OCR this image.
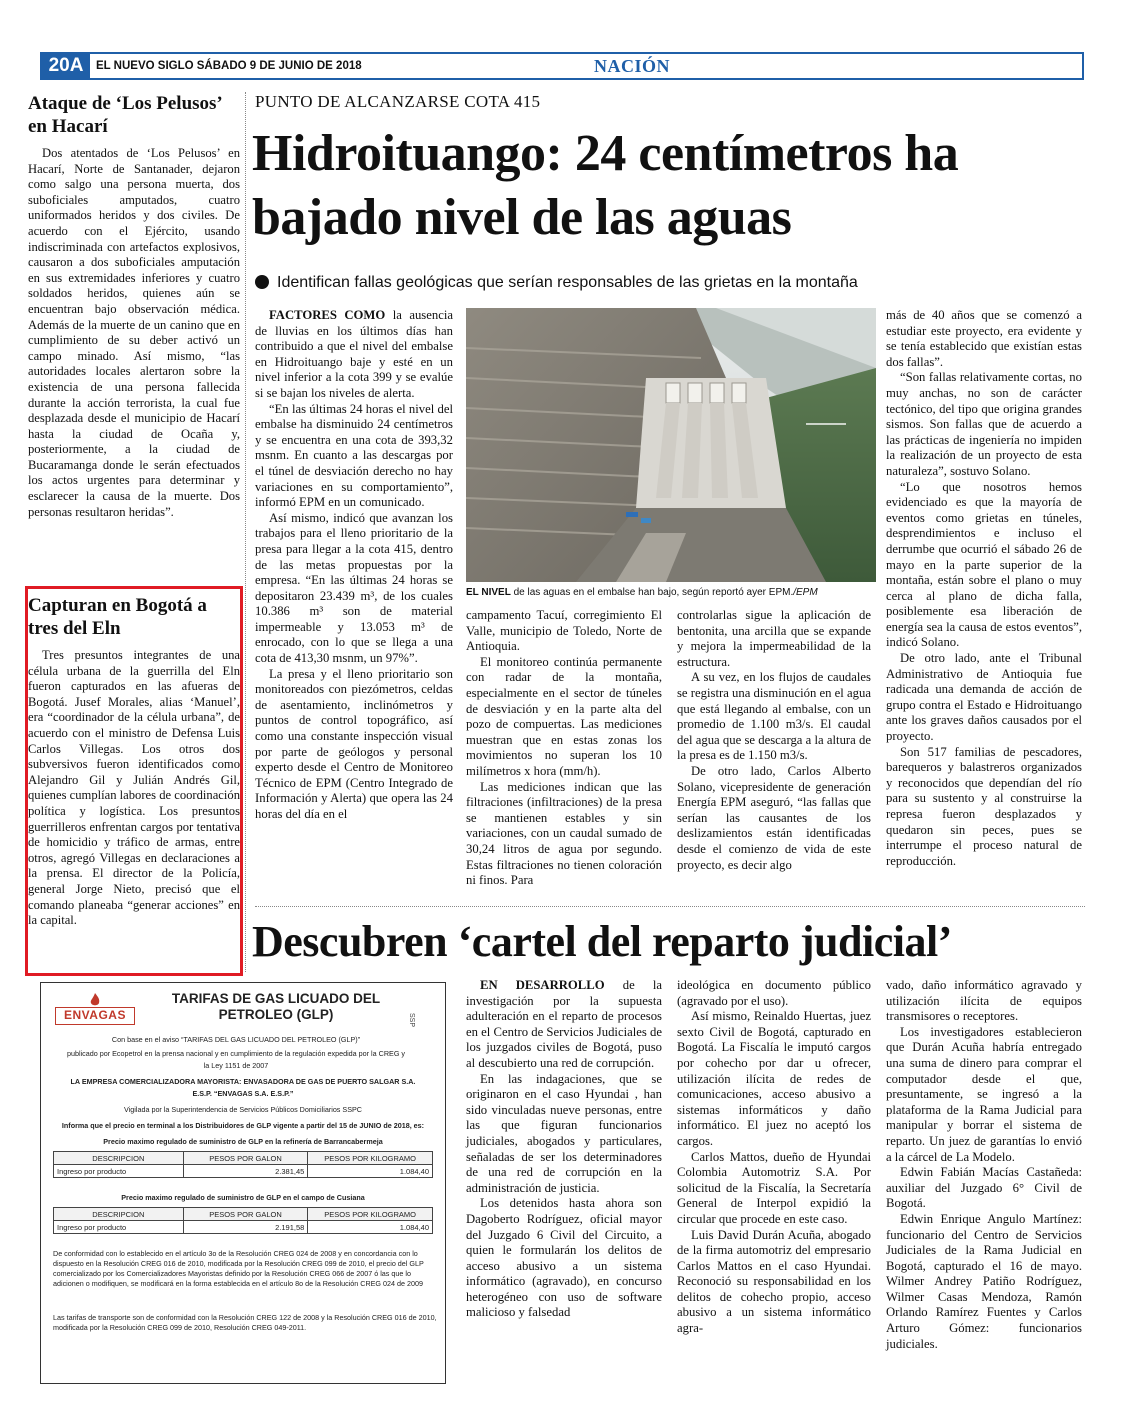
20A	EL NUEVO SIGLO SÁBADO 9 DE JUNIO DE 2018	NACIÓN
Ataque de ‘Los Pelusos’ en Hacarí

Dos atentados de ‘Los Pelusos’ en Hacarí, Norte de Santanader, dejaron como salgo una persona muerta, dos suboficiales amputados, cuatro uniformados heridos y dos civiles. De acuerdo con el Ejército, usando indiscriminada con artefactos explosivos, causaron a dos suboficiales amputación en sus extremidades inferiores y cuatro soldados heridos, quienes aún se encuentran bajo observación médica. Además de la muerte de un canino que en cumplimiento de su deber activó un campo minado. Así mismo, “las autoridades locales alertaron sobre la existencia de una persona fallecida durante la acción terrorista, la cual fue desplazada desde el municipio de Hacarí hasta la ciudad de Ocaña y, posteriormente, a la ciudad de Bucaramanga donde le serán efectuados los actos urgentes para determinar y esclarecer la causa de la muerte. Dos personas resultaron heridas”.

Capturan en Bogotá a tres del Eln

Tres presuntos integrantes de una célula urbana de la guerrilla del Eln fueron capturados en las afueras de Bogotá. Jusef Morales, alias ‘Manuel’, era “coordinador de la célula urbana”, de acuerdo con el ministro de Defensa Luis Carlos Villegas. Los otros dos subversivos fueron identificados como Alejandro Gil y Julián Andrés Gil, quienes cumplían labores de coordinación política y logística. Los presuntos guerrilleros enfrentan cargos por tentativa de homicidio y tráfico de armas, entre otros, agregó Villegas en declaraciones a la prensa. El director de la Policía, general Jorge Nieto, precisó que el comando planeaba “generar acciones” en la capital.

PUNTO DE ALCANZARSE COTA 415
Hidroituango: 24 centímetros ha bajado nivel de las aguas
Identifican fallas geológicas que serían responsables de las grietas en la montaña

FACTORES COMO la ausencia de lluvias en los últimos días han contribuido a que el nivel del embalse en Hidroituango baje y esté en un nivel inferior a la cota 399 y se evalúe si se bajan los niveles de alerta.

“En las últimas 24 horas el nivel del embalse ha disminuido 24 centímetros y se encuentra en una cota de 393,32 msnm. En cuanto a las descargas por el túnel de desviación derecho no hay variaciones en su comportamiento”, informó EPM en un comunicado.

Así mismo, indicó que avanzan los trabajos para el lleno prioritario de la presa para llegar a la cota 415, dentro de las metas propuestas por la empresa. “En las últimas 24 horas se depositaron 23.439 m³, de los cuales 10.386 m³ son de material impermeable y 13.053 m³ de enrocado, con lo que se llega a una cota de 413,30 msnm, un 97%”.

La presa y el lleno prioritario son monitoreados con piezómetros, celdas de asentamiento, inclinómetros y puntos de control topográfico, así como una constante inspección visual por parte de geólogos y personal experto desde el Centro de Monitoreo Técnico de EPM (Centro Integrado de Información y Alerta) que opera las 24 horas del día en el

EL NIVEL de las aguas en el embalse han bajo, según reportó ayer EPM./EPM

campamento Tacuí, corregimiento El Valle, municipio de Toledo, Norte de Antioquia.

El monitoreo continúa permanente con radar de la montaña, especialmente en el sector de túneles de desviación y en la parte alta del pozo de compuertas. Las mediciones muestran que en estas zonas los movimientos no superan los 10 milímetros x hora (mm/h).

Las mediciones indican que las filtraciones (infiltraciones) de la presa se mantienen estables y sin variaciones, con un caudal sumado de 30,24 litros de agua por segundo. Estas filtraciones no tienen coloración ni finos. Para

controlarlas sigue la aplicación de bentonita, una arcilla que se expande y mejora la impermeabilidad de la estructura.

A su vez, en los flujos de caudales se registra una disminución en el agua que está llegando al embalse, con un promedio de 1.100 m3/s. El caudal del agua que se descarga a la altura de la presa es de 1.150 m3/s.

De otro lado, Carlos Alberto Solano, vicepresidente de generación Energía EPM aseguró, “las fallas que serían las causantes de los deslizamientos están identificadas desde el comienzo de vida de este proyecto, es decir algo

más de 40 años que se comenzó a estudiar este proyecto, era evidente y se tenía establecido que existían estas dos fallas”.

“Son fallas relativamente cortas, no muy anchas, no son de carácter tectónico, del tipo que origina grandes sismos. Son fallas que de acuerdo a las prácticas de ingeniería no impiden la realización de un proyecto de esta naturaleza”, sostuvo Solano.

“Lo que nosotros hemos evidenciado es que la mayoría de eventos como grietas en túneles, desprendimientos e incluso el derrumbe que ocurrió el sábado 26 de mayo en la parte superior de la montaña, están sobre el plano o muy cerca al plano de dicha falla, posiblemente esa liberación de energía sea la causa de estos eventos”, indicó Solano.

De otro lado, ante el Tribunal Administrativo de Antioquia fue radicada una demanda de acción de grupo contra el Estado e Hidroituango ante los graves daños causados por el proyecto.

Son 517 familias de pescadores, barequeros y balastreros organizados y reconocidos que dependían del río para su sustento y al construirse la represa fueron desplazados y quedaron sin peces, pues se interrumpe el proceso natural de reproducción.

Descubren ‘cartel del reparto judicial’

EN DESARROLLO de la investigación por la supuesta adulteración en el reparto de procesos en el Centro de Servicios Judiciales de los juzgados civiles de Bogotá, puso al descubierto una red de corrupción.

En las indagaciones, que se originaron en el caso Hyundai , han sido vinculadas nueve personas, entre las que figuran funcionarios judiciales, abogados y particulares, señaladas de ser los determinadores de una red de corrupción en la administración de justicia.

Los detenidos hasta ahora son Dagoberto Rodríguez, oficial mayor del Juzgado 6 Civil del Circuito, a quien le formularán los delitos de acceso abusivo a un sistema informático (agravado), en concurso heterogéneo con uso de software malicioso y falsedad

ideológica en documento público (agravado por el uso).

Así mismo, Reinaldo Huertas, juez sexto Civil de Bogotá, capturado en Bogotá. La Fiscalía le imputó cargos por cohecho por dar u ofrecer, utilización ilícita de redes de comunicaciones, acceso abusivo a sistemas informáticos y daño informático. El juez no aceptó los cargos.

Carlos Mattos, dueño de Hyundai Colombia Automotriz S.A. Por solicitud de la Fiscalía, la Secretaría General de Interpol expidió la circular que procede en este caso.

Luis David Durán Acuña, abogado de la firma automotriz del empresario Carlos Mattos en el caso Hyundai. Reconoció su responsabilidad en los delitos de cohecho propio, acceso abusivo a un sistema informático agra-

vado, daño informático agravado y utilización ilícita de equipos transmisores o receptores.

Los investigadores establecieron que Durán Acuña habría entregado una suma de dinero para comprar el computador desde el que, presuntamente, se ingresó a la plataforma de la Rama Judicial para manipular y borrar el sistema de reparto. Un juez de garantías lo envió a la cárcel de La Modelo.

Edwin Fabián Macías Castañeda: auxiliar del Juzgado 6° Civil de Bogotá.

Edwin Enrique Angulo Martínez: funcionario del Centro de Servicios Judiciales de la Rama Judicial en Bogotá, capturado el 16 de mayo. Wilmer Andrey Patiño Rodríguez, Wilmer Casas Mendoza, Ramón Orlando Ramírez Fuentes y Carlos Arturo Gómez: funcionarios judiciales.

ENVAGAS
TARIFAS DE GAS LICUADO DEL PETROLEO (GLP)	SSP
Con base en el aviso “TARIFAS DEL GAS LICUADO DEL PETROLEO (GLP)”
publicado por Ecopetrol en la prensa nacional y en cumplimiento de la regulación expedida por la CREG y
la Ley 1151 de 2007
LA EMPRESA COMERCIALIZADORA MAYORISTA: ENVASADORA DE GAS DE PUERTO SALGAR S.A.
E.S.P. “ENVAGAS S.A. E.S.P.”
Vigilada por la Superintendencia de Servicios Públicos Domiciliarios SSPC
Informa que el precio en terminal a los Distribuidores de GLP vigente a partir del 15 de JUNIO de 2018, es:
Precio maximo regulado de suministro de GLP en la refinería de Barrancabermeja
DESCRIPCION	PESOS POR GALON	PESOS POR KILOGRAMO
Ingreso por producto	2.381,45	1.084,40
Precio maximo regulado de suministro de GLP en el campo de Cusiana
DESCRIPCION	PESOS POR GALON	PESOS POR KILOGRAMO
Ingreso por producto	2.191,58	1.084,40
De conformidad con lo establecido en el artículo 3o de la Resolución CREG 024 de 2008 y en concordancia con lo dispuesto en la Resolución CREG 016 de 2010, modificada por la Resolución CREG 099 de 2010, el precio del GLP comercializado por los Comercializadores Mayoristas definido por la Resolución CREG 066 de 2007 ó las que lo adicionen o modifiquen, se modificará en la forma establecida en el artículo 8o de la Resolución CREG 024 de 2009
Las tarifas de transporte son de conformidad con la Resolución CREG 122 de 2008 y la Resolución CREG 016 de 2010, modificada por la Resolución CREG 099 de 2010, Resolución CREG 049-2011.
